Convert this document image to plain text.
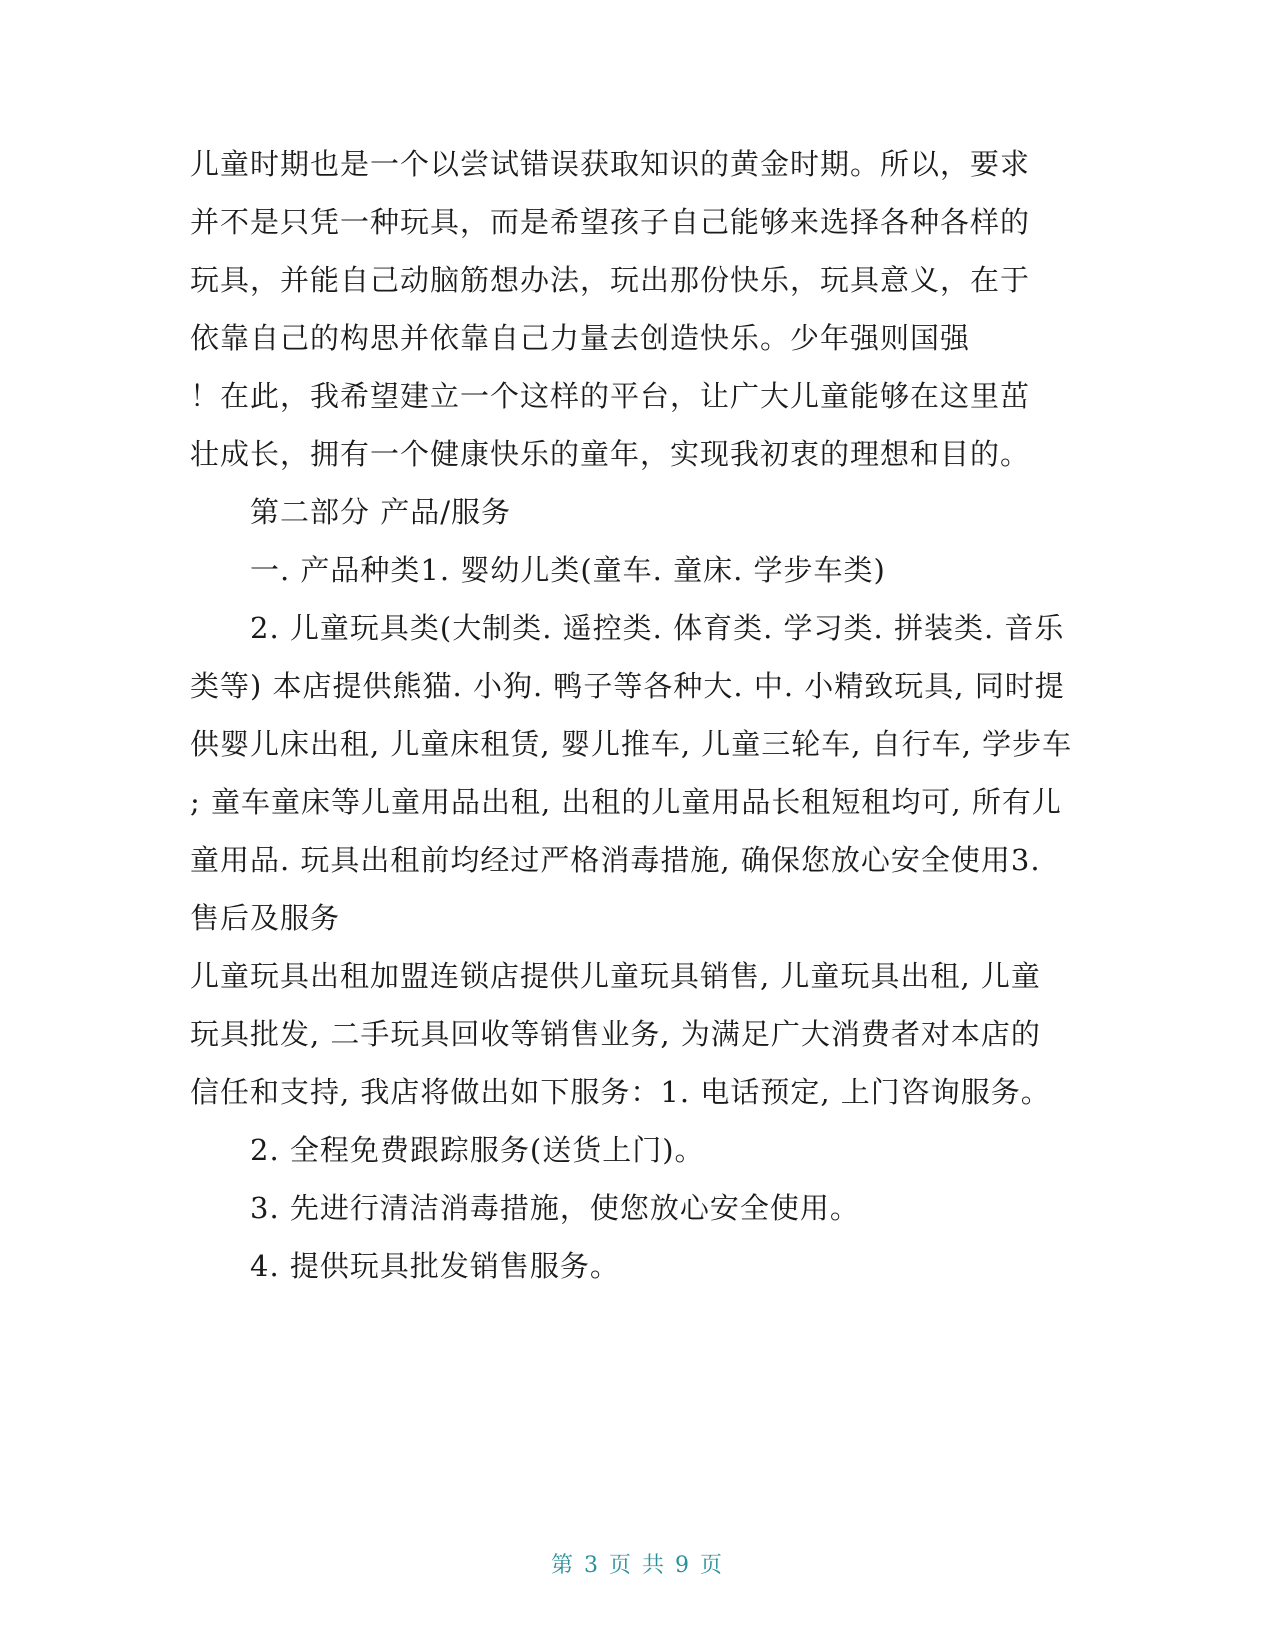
儿童时期也是一个以尝试错误获取知识的黄金时期。所以，要求
并不是只凭一种玩具，而是希望孩子自己能够来选择各种各样的
玩具，并能自己动脑筋想办法，玩出那份快乐，玩具意义，在于
依靠自己的构思并依靠自己力量去创造快乐。少年强则国强
！在此，我希望建立一个这样的平台，让广大儿童能够在这里茁
壮成长，拥有一个健康快乐的童年，实现我初衷的理想和目的。
第二部分 产品/服务
一. 产品种类1. 婴幼儿类(童车. 童床. 学步车类)
2. 儿童玩具类(大制类. 遥控类. 体育类. 学习类. 拼装类. 音乐
类等) 本店提供熊猫. 小狗. 鸭子等各种大. 中. 小精致玩具, 同时提
供婴儿床出租, 儿童床租赁, 婴儿推车, 儿童三轮车, 自行车, 学步车
; 童车童床等儿童用品出租, 出租的儿童用品长租短租均可, 所有儿
童用品. 玩具出租前均经过严格消毒措施, 确保您放心安全使用3.
售后及服务
儿童玩具出租加盟连锁店提供儿童玩具销售, 儿童玩具出租, 儿童
玩具批发, 二手玩具回收等销售业务, 为满足广大消费者对本店的
信任和支持, 我店将做出如下服务：1. 电话预定, 上门咨询服务。
2. 全程免费跟踪服务(送货上门)。
3. 先进行清洁消毒措施，使您放心安全使用。
4. 提供玩具批发销售服务。
第 3 页 共 9 页
